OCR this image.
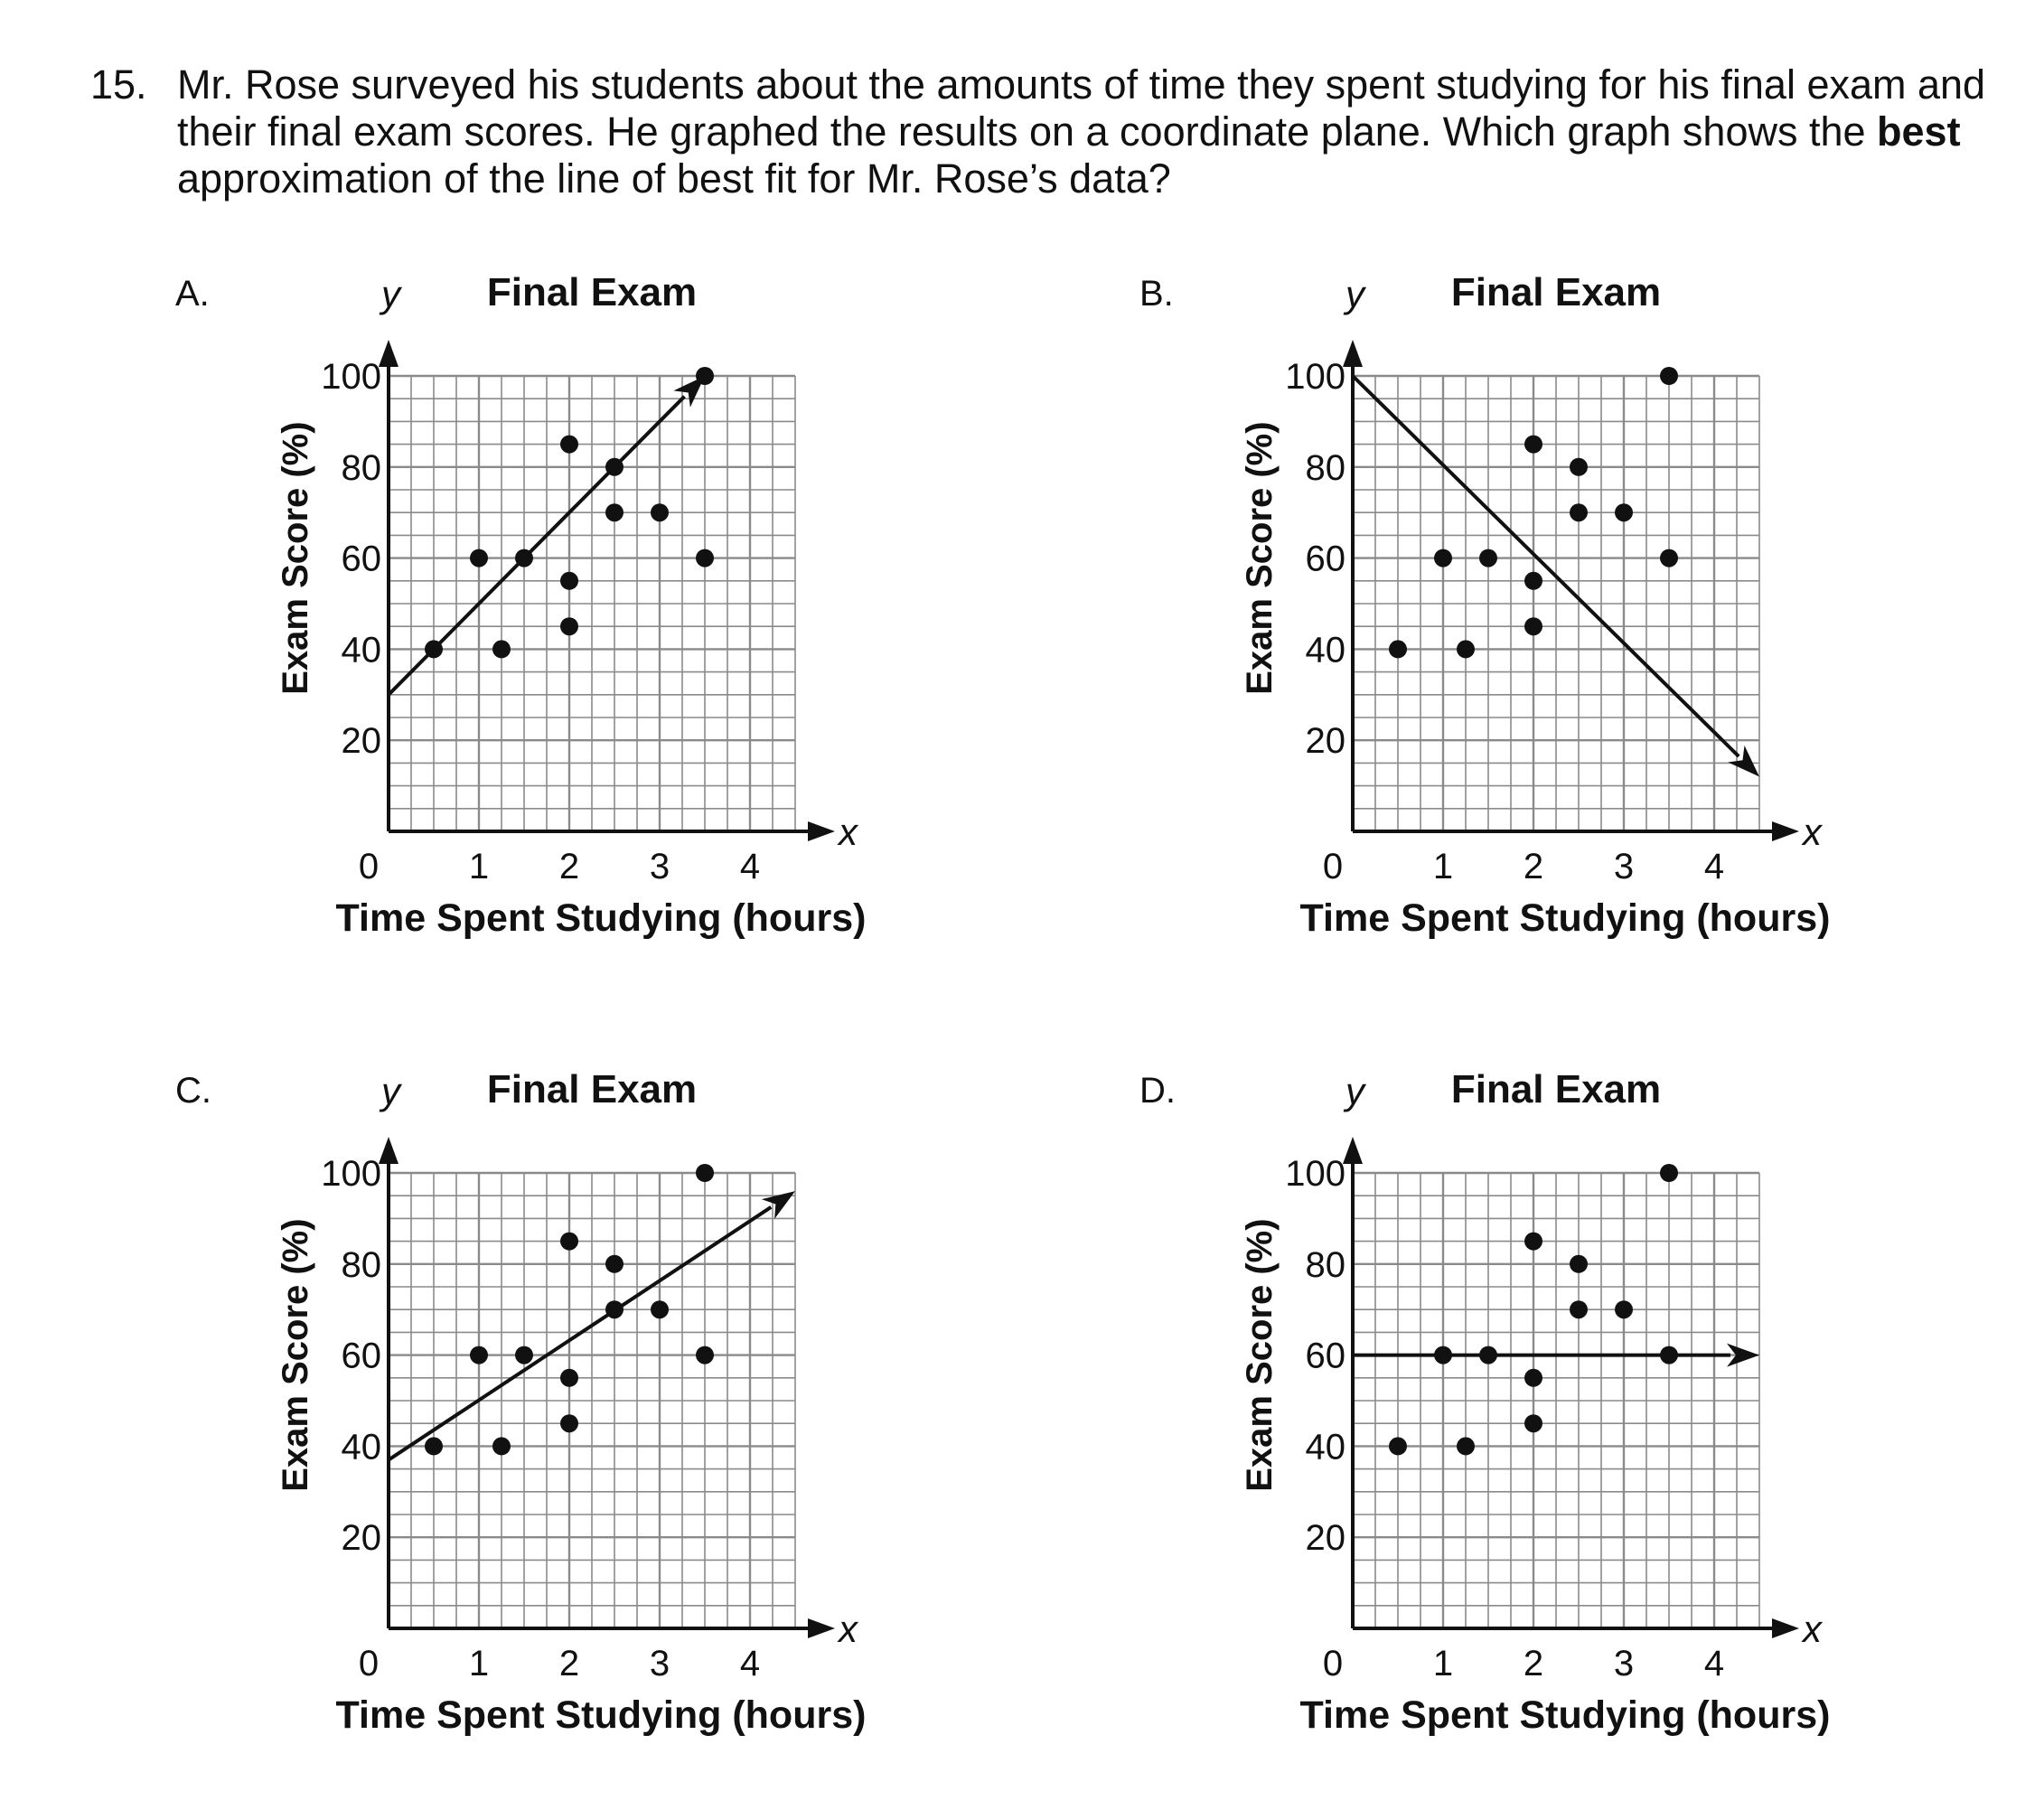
15. Mr. Rose surveyed his students about the amounts of time they spent studying for his final exam and their final exam scores. He graphed the results on a coordinate plane. Which graph shows the best approximation of the line of best fit for Mr. Rose’s data?
A.	y Final Exam
x
0 1 2 3 4
20
40
60
80
100
Time Spent Studying (hours)
Exam Score (%)
B.	y Final Exam
x
0 1 2 3 4
20
40
60
80
100
Time Spent Studying (hours)
Exam Score (%)
C.	y Final Exam
x
0 1 2 3 4
20
40
60
80
100
Time Spent Studying (hours)
Exam Score (%)
D.	y Final Exam
x
0 1 2 3 4
20
40
60
80
100
Time Spent Studying (hours)
Exam Score (%)
